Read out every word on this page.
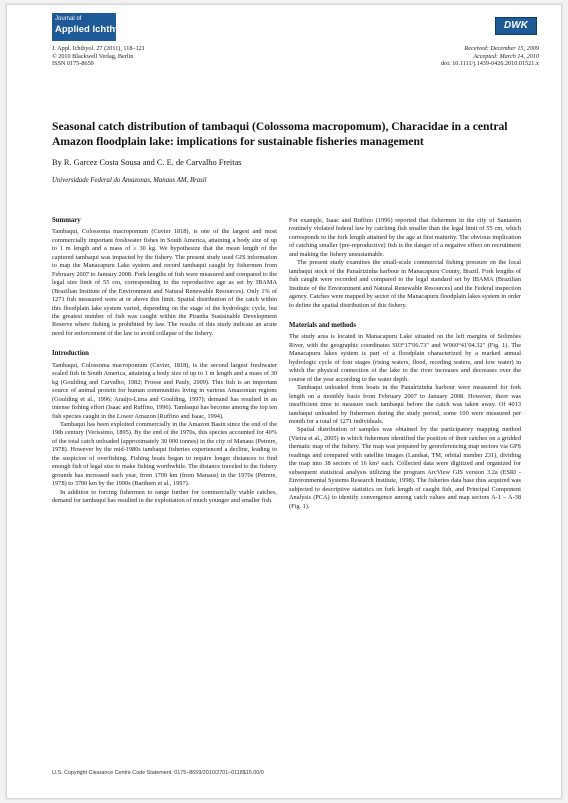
Journal of
Applied Ichthyology	DWK
J. Appl. Ichthyol. 27 (2011), 118–121
© 2010 Blackwell Verlag, Berlin
ISSN 0175-8659
Received: December 15, 2009
Accepted: March 14, 2010
doi: 10.1111/j.1439-0426.2010.01521.x
Seasonal catch distribution of tambaqui (Colossoma macropomum), Characidae in a central Amazon floodplain lake: implications for sustainable fisheries management
By R. Garcez Costa Sousa and C. E. de Carvalho Freitas
Universidade Federal do Amazonas, Manaus AM, Brasil
Summary

Tambaqui, Colossoma macropomum (Cuvier 1818), is one of the largest and most commercially important freshwater fishes in South America, attaining a body size of up to 1 m length and a mass of ≥ 30 kg. We hypothesize that the mean length of the captured tambaqui was impacted by the fishery. The present study used GIS information to map the Manacapuru Lake system and record tambaqui caught by fishermen from February 2007 to January 2008. Fork lengths of fish were measured and compared to the legal size limit of 55 cm, corresponding to the reproductive age as set by IBAMA (Brazilian Institute of the Environment and Natural Renewable Resources). Only 1% of 1271 fish measured were at or above this limit. Spatial distribution of the catch within this floodplain lake system varied, depending on the stage of the hydrologic cycle, but the greatest number of fish was caught within the Piranha Sustainable Development Reserve where fishing is prohibited by law. The results of this study indicate an acute need for enforcement of the law to avoid collapse of the fishery.

Introduction

Tambaqui, Colossoma macropomum (Cuvier, 1818), is the second largest freshwater scaled fish in South America, attaining a body size of up to 1 m length and a mass of 30 kg (Goulding and Carvalho, 1982; Froese and Pauly, 2009). This fish is an important source of animal protein for human communities living in various Amazonian regions (Goulding et al., 1996; Araújo-Lima and Goulding, 1997); demand has resulted in an intense fishing effort (Isaac and Ruffino, 1996). Tambaqui has become among the top ten fish species caught in the Lower Amazon (Ruffino and Isaac, 1994).

Tambaqui has been exploited commercially in the Amazon Basin since the end of the 19th century (Veríssimo, 1895). By the end of the 1970s, this species accounted for 40% of the total catch unloaded (approximately 30 000 tonnes) in the city of Manaus (Petrere, 1978). However by the mid-1980s tambaqui fisheries experienced a decline, leading to the suspicion of overfishing. Fishing boats began to require longer distances to find enough fish of legal size to make fishing worthwhile. The distance traveled to the fishery grounds has increased each year, from 1700 km (from Manaus) in the 1970s (Petrere, 1978) to 3700 km by the 1990s (Barthem et al., 1997).

In addition to forcing fishermen to range further for commercially viable catches, demand for tambaqui has resulted in the exploitation of much younger and smaller fish.

For example, Isaac and Ruffino (1996) reported that fishermen in the city of Santarém routinely violated federal law by catching fish smaller than the legal limit of 55 cm, which corresponds to the fork length attained by the age at first maturity. The obvious implication of catching smaller (pre-reproductive) fish is the danger of a negative effect on recruitment and making the fishery unsustainable.

The present study examines the small-scale commercial fishing pressure on the local tambaqui stock of the Panaírizinha harbour in Manacapuru County, Brazil. Fork lengths of fish caught were recorded and compared to the legal standard set by IBAMA (Brazilian Institute of the Environment and Natural Renewable Resources) and the Federal inspection agency. Catches were mapped by sector of the Manacapuru floodplain lakes system in order to define the spatial distribution of this fishery.

Materials and methods

The study area is located in Manacapuru Lake situated on the left margins of Solimões River, with the geographic coordinates S03°17′06.73″ and W060°41′04.32″ (Fig. 1). The Manacapuru lakes system is part of a floodplain characterized by a marked annual hydrologic cycle of four stages (rising waters, flood, receding waters, and low water) in which the physical connection of the lake to the river increases and decreases over the course of the year according to the water depth.

Tambaqui unloaded from boats in the Panaírizinha harbour were measured for fork length on a monthly basis from February 2007 to January 2008. However, there was insufficient time to measure each tambaqui before the catch was taken away. Of 4013 tambaqui unloaded by fishermen during the study period, some 100 were measured per month for a total of 1271 individuals.

Spatial distribution of samples was obtained by the participatory mapping method (Vieira et al., 2005) in which fishermen identified the position of their catches on a gridded thematic map of the fishery. The map was prepared by georeferencing map sectors via GPS readings and compared with satellite images (Landsat, TM, orbital number 231), dividing the map into 38 sectors of 16 km² each. Collected data were digitized and organized for subsequent statistical analysis utilizing the program ArcView GIS version 3.2a (ESRI - Environmental Systems Research Institute, 1998). The fisheries data base thus acquired was subjected to descriptive statistics on fork length of caught fish, and Principal Component Analysis (PCA) to identify convergence among catch values and map sectors A-1 – A-38 (Fig. 1).

U.S. Copyright Clearance Centre Code Statement: 0175–8659/2010/2701–0118$15.00/0
